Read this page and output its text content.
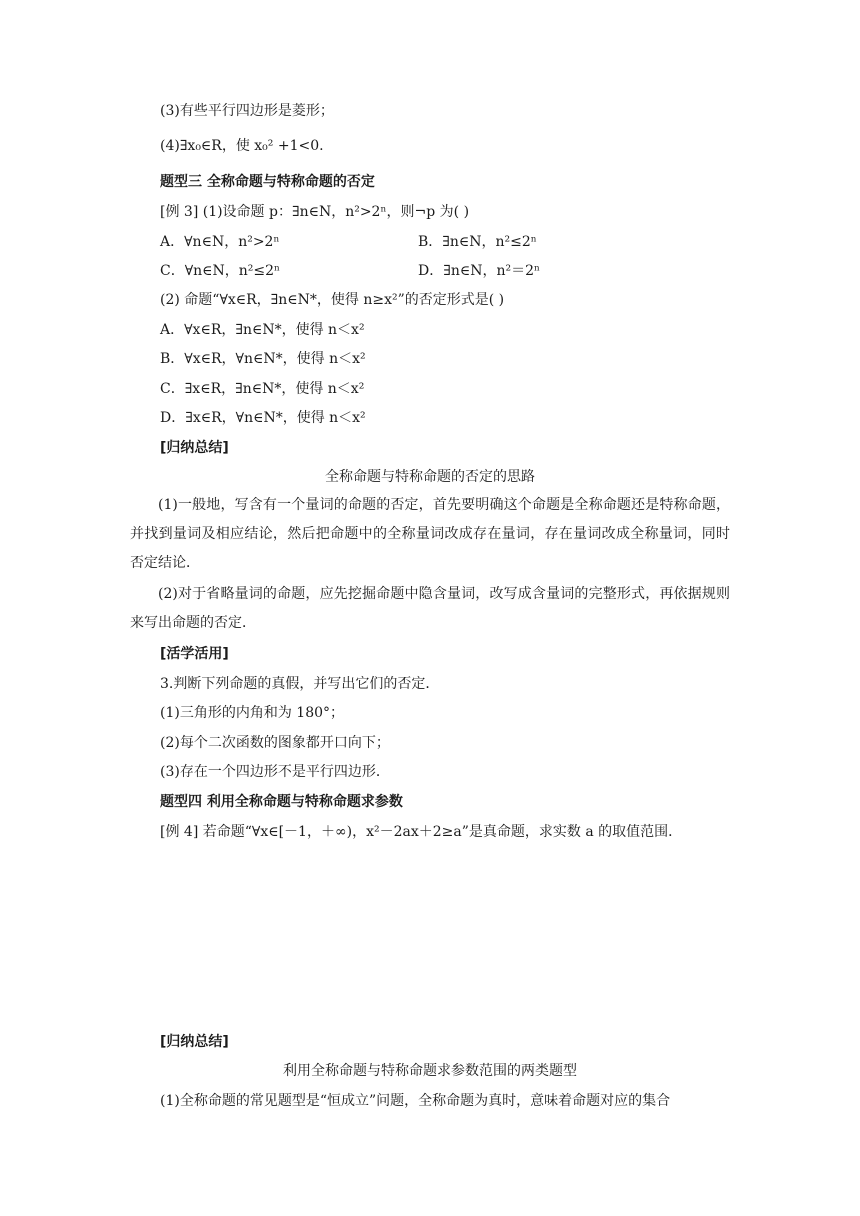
(3)有些平行四边形是菱形；
(4)∃x₀∈R，使 x₀² +1<0.
题型三 全称命题与特称命题的否定
[例 3] (1)设命题 p：∃n∈N，n²>2ⁿ，则¬p 为( )
A．∀n∈N，n²>2ⁿ	B．∃n∈N，n²≤2ⁿ
C．∀n∈N，n²≤2ⁿ	D．∃n∈N，n²＝2ⁿ
(2) 命题“∀x∈R，∃n∈N*，使得 n≥x²”的否定形式是( )
A．∀x∈R，∃n∈N*，使得 n＜x²
B．∀x∈R，∀n∈N*，使得 n＜x²
C．∃x∈R，∃n∈N*，使得 n＜x²
D．∃x∈R，∀n∈N*，使得 n＜x²
[归纳总结]
全称命题与特称命题的否定的思路
(1)一般地，写含有一个量词的命题的否定，首先要明确这个命题是全称命题还是特称命题，并找到量词及相应结论，然后把命题中的全称量词改成存在量词，存在量词改成全称量词，同时否定结论．
(2)对于省略量词的命题，应先挖掘命题中隐含量词，改写成含量词的完整形式，再依据规则来写出命题的否定．
[活学活用]
3.判断下列命题的真假，并写出它们的否定．
(1)三角形的内角和为 180°；
(2)每个二次函数的图象都开口向下；
(3)存在一个四边形不是平行四边形．
题型四 利用全称命题与特称命题求参数
[例 4] 若命题“∀x∈[－1，＋∞)，x²－2ax＋2≥a”是真命题，求实数 a 的取值范围．
[归纳总结]
利用全称命题与特称命题求参数范围的两类题型
(1)全称命题的常见题型是“恒成立”问题，全称命题为真时，意味着命题对应的集合
